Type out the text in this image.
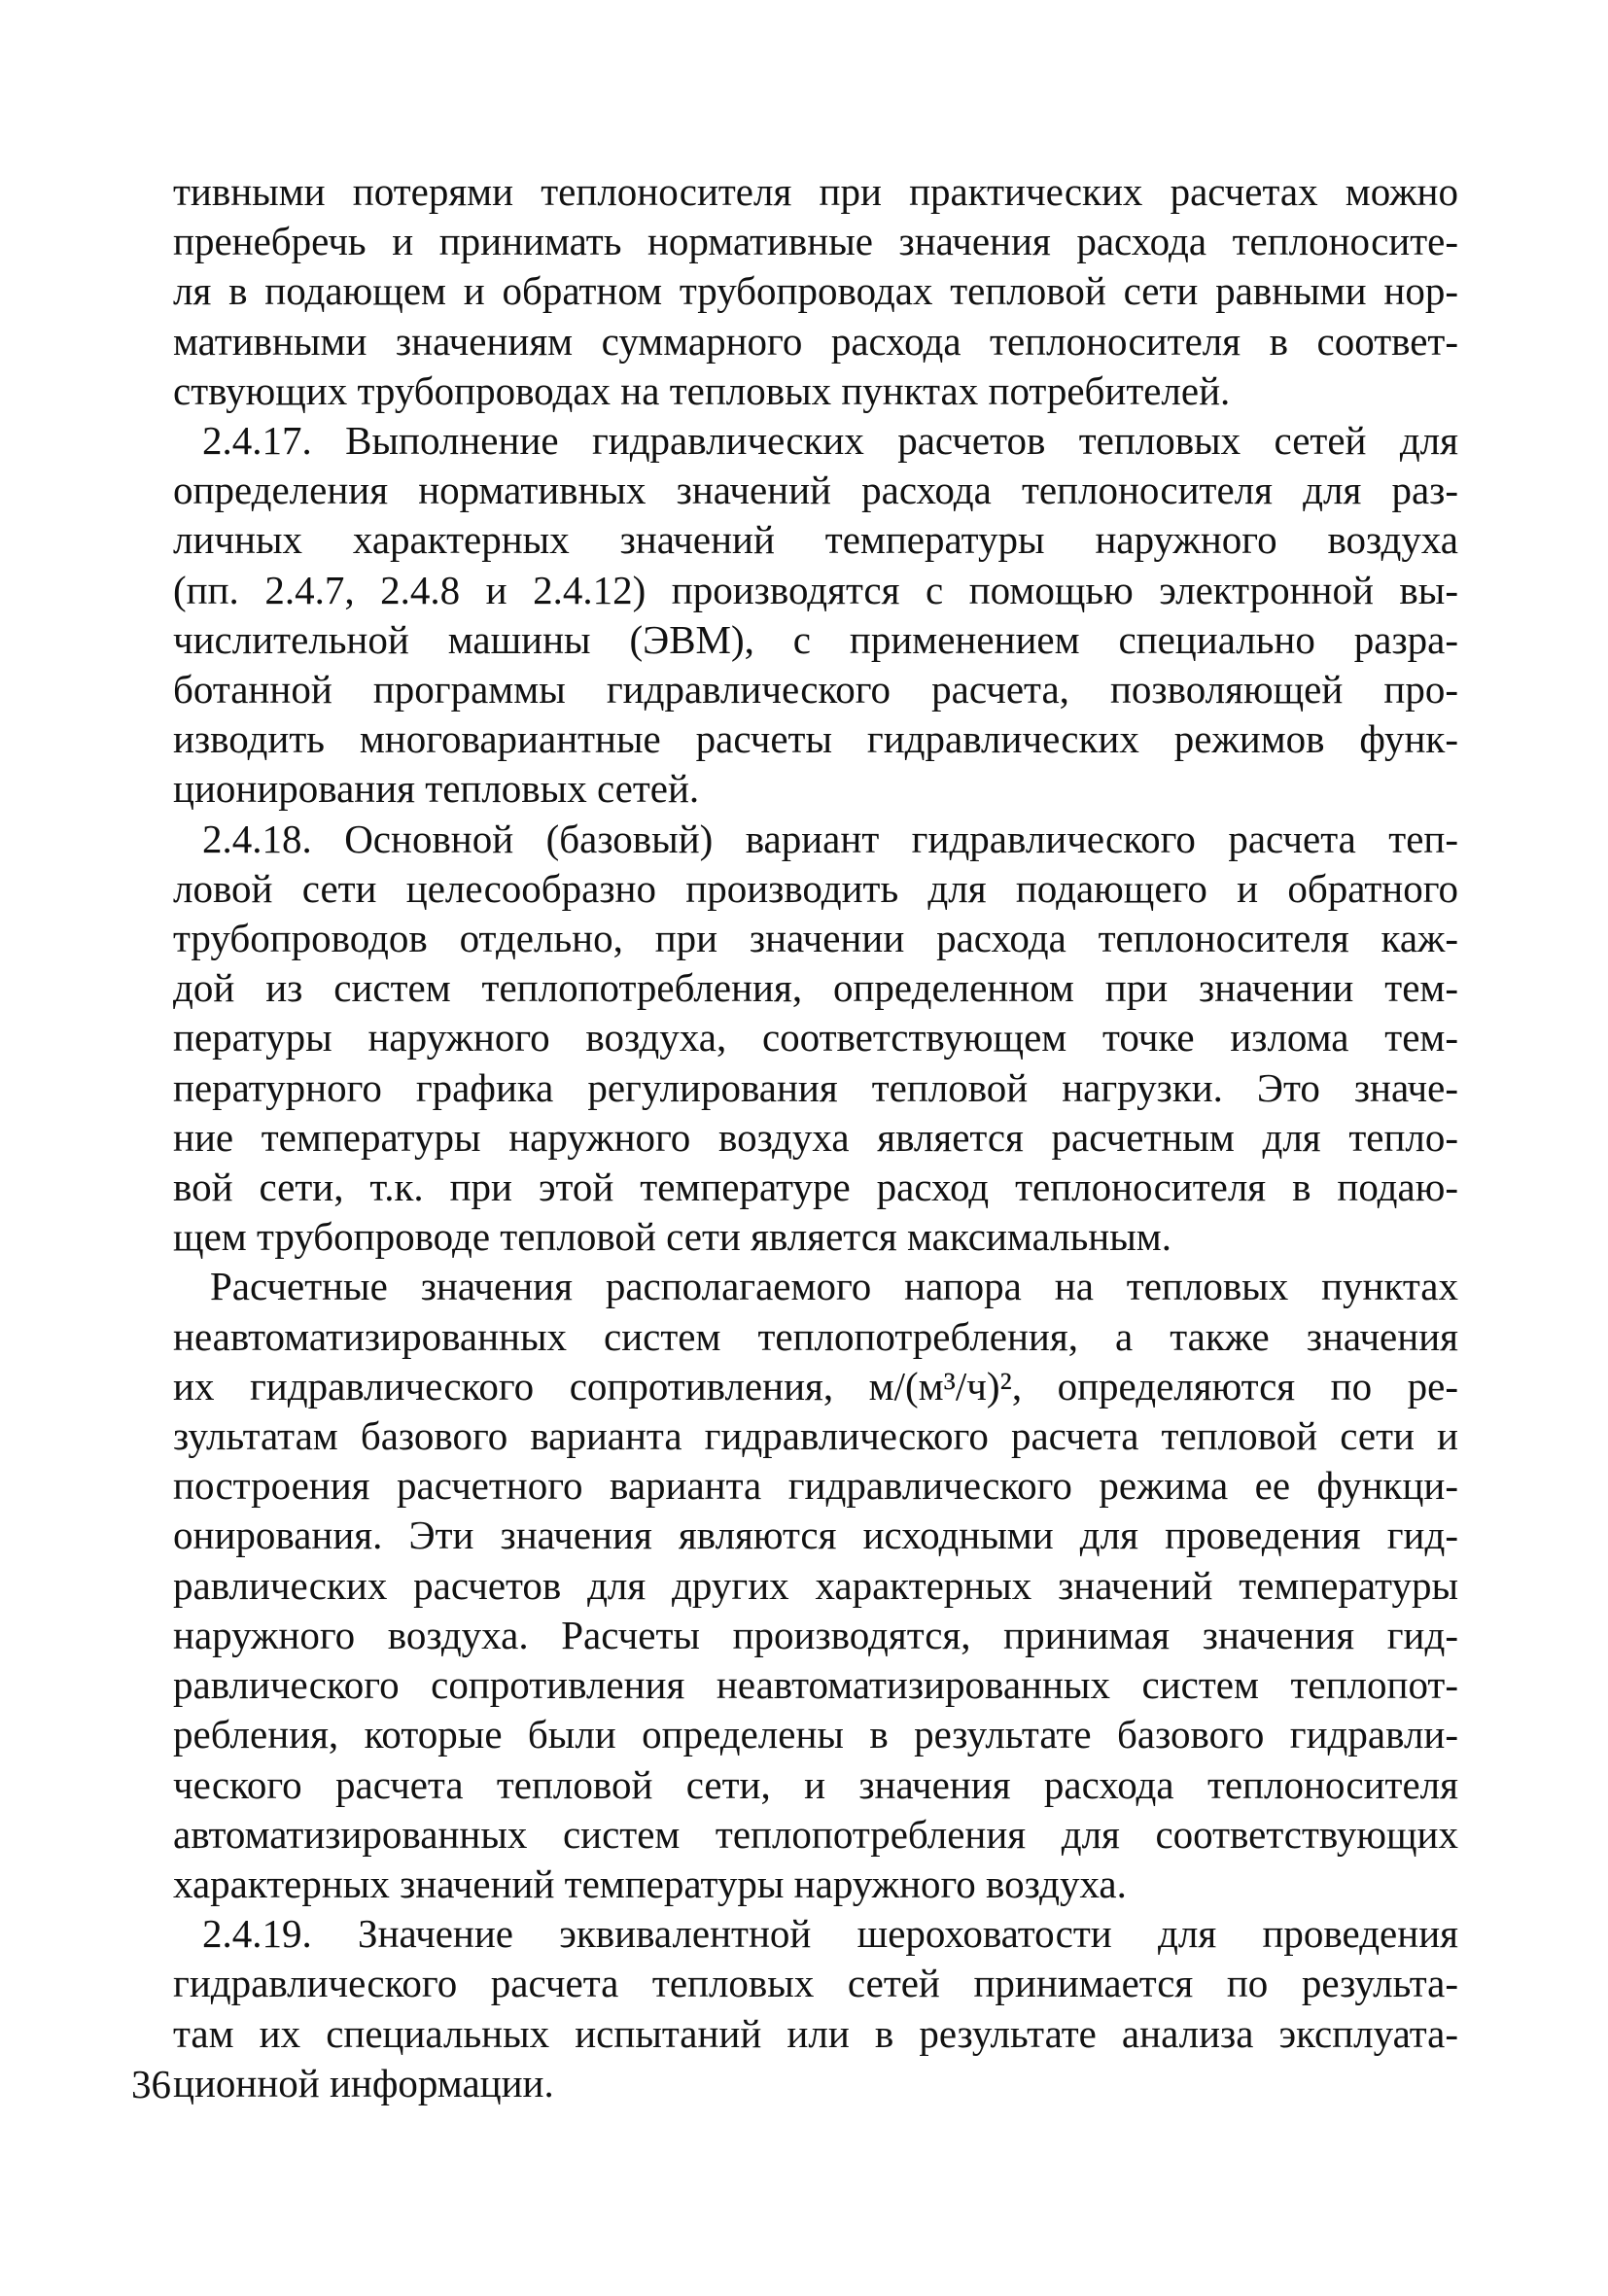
тивными потерями теплоносителя при практических расчетах можно
пренебречь и принимать нормативные значения расхода теплоносите-
ля в подающем и обратном трубопроводах тепловой сети равными нор-
мативными значениям суммарного расхода теплоносителя в соответ-
ствующих трубопроводах на тепловых пунктах потребителей.
2.4.17. Выполнение гидравлических расчетов тепловых сетей для
определения нормативных значений расхода теплоносителя для раз-
личных характерных значений температуры наружного воздуха
(пп. 2.4.7, 2.4.8 и 2.4.12) производятся с помощью электронной вы-
числительной машины (ЭВМ), с применением специально разра-
ботанной программы гидравлического расчета, позволяющей про-
изводить многовариантные расчеты гидравлических режимов функ-
ционирования тепловых сетей.
2.4.18. Основной (базовый) вариант гидравлического расчета теп-
ловой сети целесообразно производить для подающего и обратного
трубопроводов отдельно, при значении расхода теплоносителя каж-
дой из систем теплопотребления, определенном при значении тем-
пературы наружного воздуха, соответствующем точке излома тем-
пературного графика регулирования тепловой нагрузки. Это значе-
ние температуры наружного воздуха является расчетным для тепло-
вой сети, т.к. при этой температуре расход теплоносителя в подаю-
щем трубопроводе тепловой сети является максимальным.
Расчетные значения располагаемого напора на тепловых пунктах
неавтоматизированных систем теплопотребления, а также значения
их гидравлического сопротивления, м/(м³/ч)², определяются по ре-
зультатам базового варианта гидравлического расчета тепловой сети и
построения расчетного варианта гидравлического режима ее функци-
онирования. Эти значения являются исходными для проведения гид-
равлических расчетов для других характерных значений температуры
наружного воздуха. Расчеты производятся, принимая значения гид-
равлического сопротивления неавтоматизированных систем теплопот-
ребления, которые были определены в результате базового гидравли-
ческого расчета тепловой сети, и значения расхода теплоносителя
автоматизированных систем теплопотребления для соответствующих
характерных значений температуры наружного воздуха.
2.4.19. Значение эквивалентной шероховатости для проведения
гидравлического расчета тепловых сетей принимается по результа-
там их специальных испытаний или в результате анализа эксплуата-
ционной информации.
36
